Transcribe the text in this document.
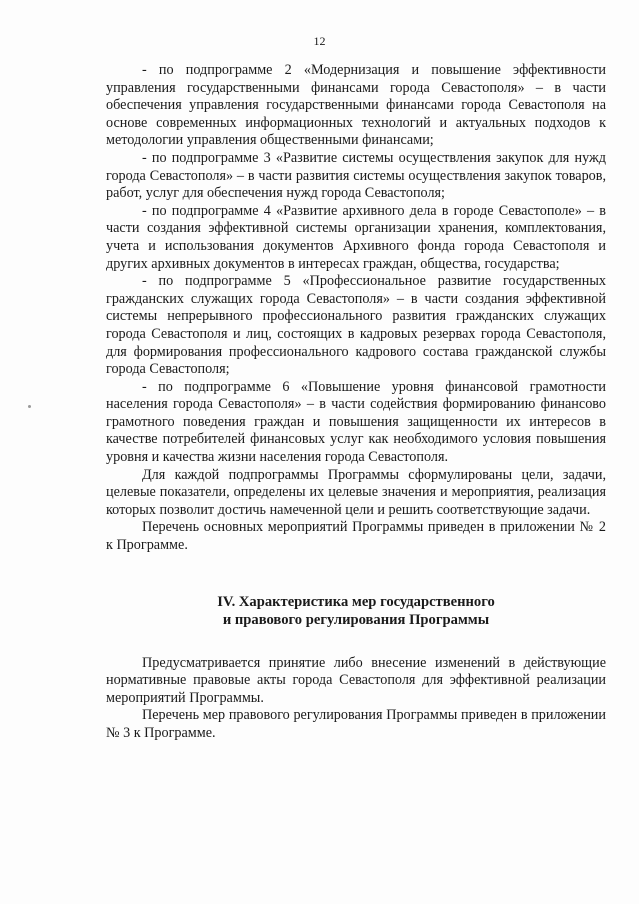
12

- по подпрограмме 2 «Модернизация и повышение эффективности управления государственными финансами города Севастополя» – в части обеспечения управления государственными финансами города Севастополя на основе современных информационных технологий и актуальных подходов к методологии управления общественными финансами;

- по подпрограмме 3 «Развитие системы осуществления закупок для нужд города Севастополя» – в части развития системы осуществления закупок товаров, работ, услуг для обеспечения нужд города Севастополя;

- по подпрограмме 4 «Развитие архивного дела в городе Севастополе» – в части создания эффективной системы организации хранения, комплектования, учета и использования документов Архивного фонда города Севастополя и других архивных документов в интересах граждан, общества, государства;

- по подпрограмме 5 «Профессиональное развитие государственных гражданских служащих города Севастополя» – в части создания эффективной системы непрерывного профессионального развития гражданских служащих города Севастополя и лиц, состоящих в кадровых резервах города Севастополя, для формирования профессионального кадрового состава гражданской службы города Севастополя;

- по подпрограмме 6 «Повышение уровня финансовой грамотности населения города Севастополя» – в части содействия формированию финансово грамотного поведения граждан и повышения защищенности их интересов в качестве потребителей финансовых услуг как необходимого условия повышения уровня и качества жизни населения города Севастополя.

Для каждой подпрограммы Программы сформулированы цели, задачи, целевые показатели, определены их целевые значения и мероприятия, реализация которых позволит достичь намеченной цели и решить соответствующие задачи.

Перечень основных мероприятий Программы приведен в приложении № 2 к Программе.

IV. Характеристика мер государственного
и правового регулирования Программы

Предусматривается принятие либо внесение изменений в действующие нормативные правовые акты города Севастополя для эффективной реализации мероприятий Программы.

Перечень мер правового регулирования Программы приведен в приложении № 3 к Программе.
